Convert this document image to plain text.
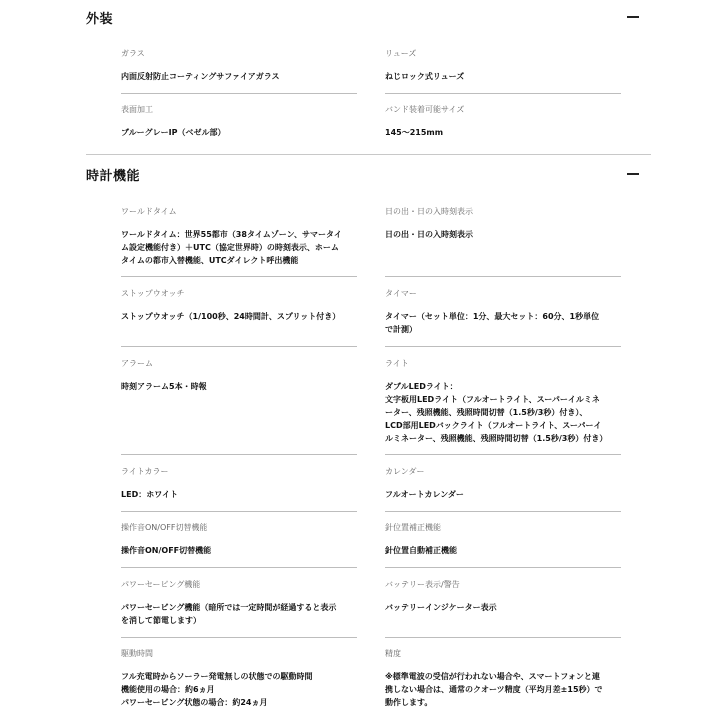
外装
ガラス
内面反射防止コーティングサファイアガラス
リューズ
ねじロック式リューズ
表面加工
ブルーグレーIP（ベゼル部）
バンド装着可能サイズ
145～215mm
時計機能
ワールドタイム
ワールドタイム：世界55都市（38タイムゾーン、サマータイ
ム設定機能付き）＋UTC（協定世界時）の時刻表示、ホーム
タイムの都市入替機能、UTCダイレクト呼出機能
日の出・日の入時刻表示
日の出・日の入時刻表示
ストップウオッチ
ストップウオッチ（1/100秒、24時間計、スプリット付き）
タイマー
タイマー（セット単位：1分、最大セット：60分、1秒単位
で計測）
アラーム
時刻アラーム5本・時報
ライト
ダブルLEDライト：
文字板用LEDライト（フルオートライト、スーパーイルミネ
ーター、残照機能、残照時間切替（1.5秒/3秒）付き）、
LCD部用LEDバックライト（フルオートライト、スーパーイ
ルミネーター、残照機能、残照時間切替（1.5秒/3秒）付き）
ライトカラー
LED：ホワイト
カレンダー
フルオートカレンダー
操作音ON/OFF切替機能
操作音ON/OFF切替機能
針位置補正機能
針位置自動補正機能
パワーセービング機能
パワーセービング機能（暗所では一定時間が経過すると表示
を消して節電します）
バッテリー表示/警告
バッテリーインジケーター表示
駆動時間
フル充電時からソーラー発電無しの状態での駆動時間
機能使用の場合：約6ヵ月
パワーセービング状態の場合：約24ヵ月
精度
※標準電波の受信が行われない場合や、スマートフォンと連
携しない場合は、通常のクオーツ精度（平均月差±15秒）で
動作します。
